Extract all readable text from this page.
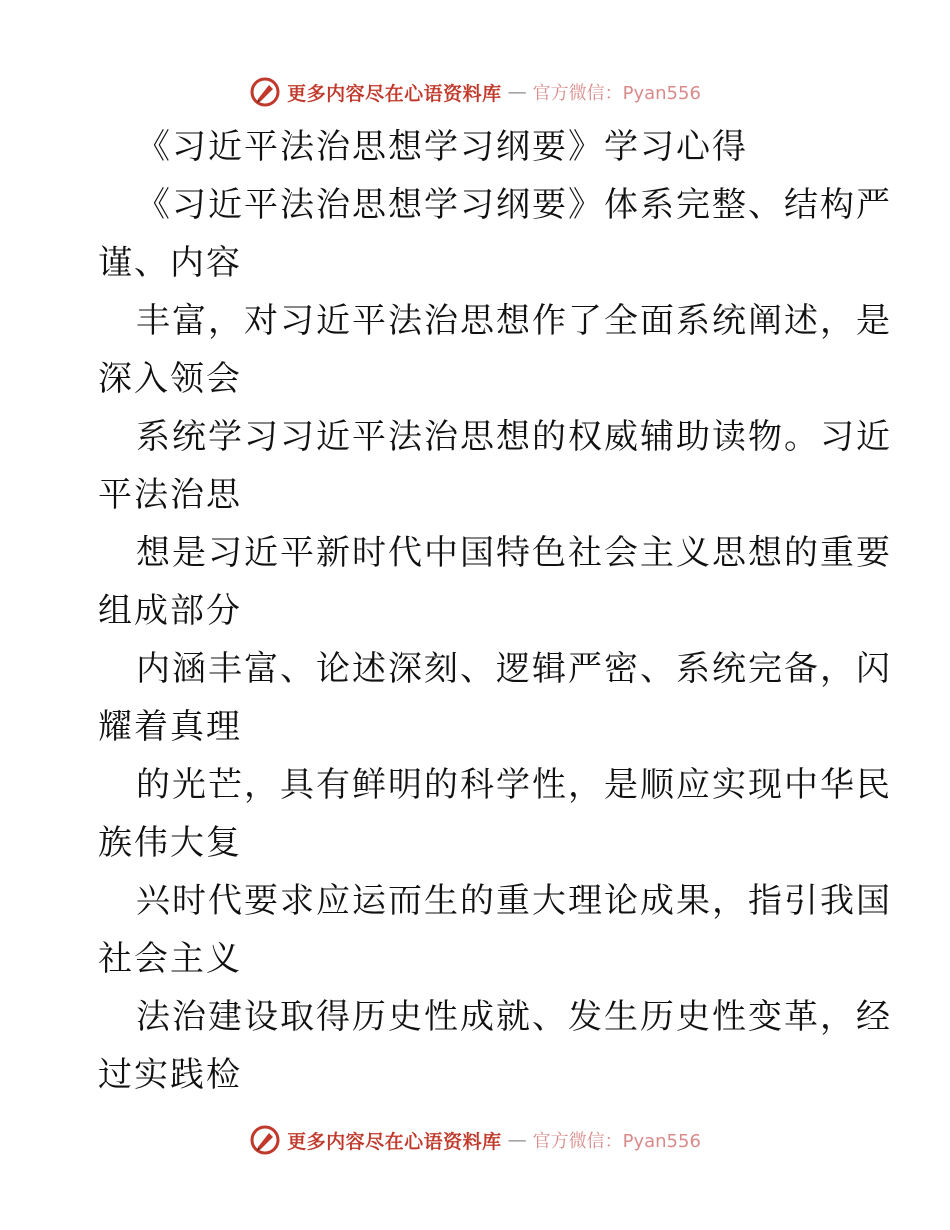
更多内容尽在心语资料库 — 官方微信：Pyan556
《习近平法治思想学习纲要》学习心得
《习近平法治思想学习纲要》体系完整、结构严
谨、内容
丰富，对习近平法治思想作了全面系统阐述，是
深入领会
系统学习习近平法治思想的权威辅助读物。习近
平法治思
想是习近平新时代中国特色社会主义思想的重要
组成部分
内涵丰富、论述深刻、逻辑严密、系统完备，闪
耀着真理
的光芒，具有鲜明的科学性，是顺应实现中华民
族伟大复
兴时代要求应运而生的重大理论成果，指引我国
社会主义
法治建设取得历史性成就、发生历史性变革，经
过实践检
更多内容尽在心语资料库 — 官方微信：Pyan556
